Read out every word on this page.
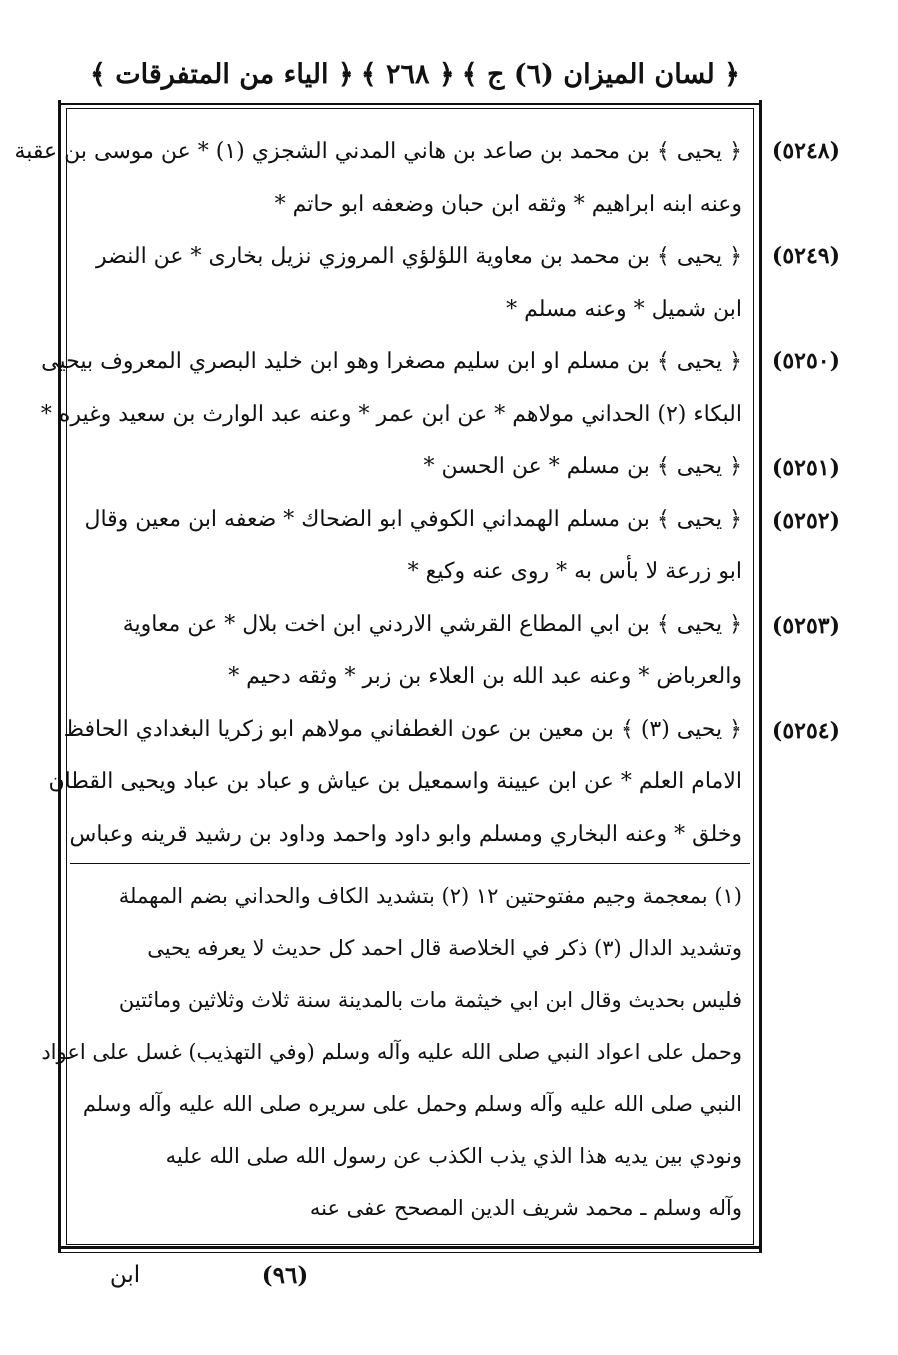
﴿ لسان الميزان (٦) ج ﴾
﴿ ٢٦٨ ﴾
﴿ الياء من المتفرقات ﴾
(٥٢٤٨)
(٥٢٤٩)
(٥٢٥٠)
(٥٢٥١)
(٥٢٥٢)
(٥٢٥٣)
(٥٢٥٤)
﴿ يحيى ﴾ بن محمد بن صاعد بن هاني المدني الشجزي (١) * عن موسى بن عقبة
وعنه ابنه ابراهيم * وثقه ابن حبان وضعفه ابو حاتم *
﴿ يحيى ﴾ بن محمد بن معاوية اللؤلؤي المروزي نزيل بخارى * عن النضر
ابن شميل * وعنه مسلم *
﴿ يحيى ﴾ بن مسلم او ابن سليم مصغرا وهو ابن خليد البصري المعروف بيحيى
البكاء (٢) الحداني مولاهم * عن ابن عمر * وعنه عبد الوارث بن سعيد وغيره *
﴿ يحيى ﴾ بن مسلم * عن الحسن *
﴿ يحيى ﴾ بن مسلم الهمداني الكوفي ابو الضحاك * ضعفه ابن معين وقال
ابو زرعة لا بأس به * روى عنه وكيع *
﴿ يحيى ﴾ بن ابي المطاع القرشي الاردني ابن اخت بلال * عن معاوية
والعرباض * وعنه عبد الله بن العلاء بن زبر * وثقه دحيم *
﴿ يحيى (٣) ﴾ بن معين بن عون الغطفاني مولاهم ابو زكريا البغدادي الحافظ
الامام العلم * عن ابن عيينة واسمعيل بن عياش و عباد بن عباد ويحيى القطان
وخلق * وعنه البخاري ومسلم وابو داود واحمد وداود بن رشيد قرينه وعباس
(١) بمعجمة وجيم مفتوحتين ١٢ (٢) بتشديد الكاف والحداني بضم المهملة
وتشديد الدال (٣) ذكر في الخلاصة قال احمد كل حديث لا يعرفه يحيى
فليس بحديث وقال ابن ابي خيثمة مات بالمدينة سنة ثلاث وثلاثين ومائتين
وحمل على اعواد النبي صلى الله عليه وآله وسلم (وفي التهذيب) غسل على اعواد
النبي صلى الله عليه وآله وسلم وحمل على سريره صلى الله عليه وآله وسلم
ونودي بين يديه هذا الذي يذب الكذب عن رسول الله صلى الله عليه
وآله وسلم ـ محمد شريف الدين المصحح عفى عنه
(٩٦)
ابن
